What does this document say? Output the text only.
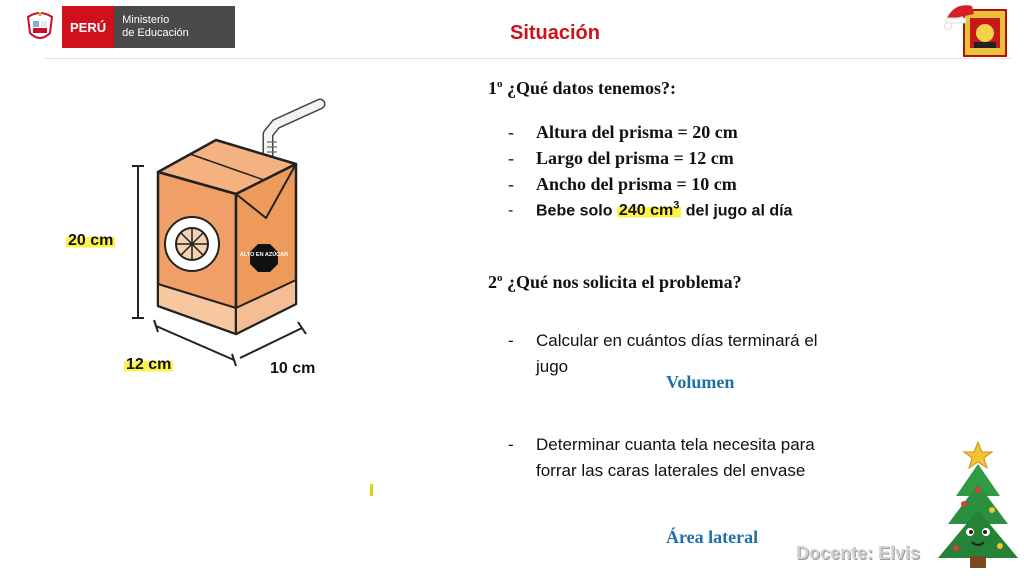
PERÚ	Ministerio
de Educación	Situación
ALTO EN AZÚCAR
20 cm
12 cm	10 cm
1$^o$ ¿Qué datos tenemos?:
- Altura del prisma = 20 cm
- Largo del prisma = 12 cm
- Ancho del prisma = 10 cm
- Bebe solo 240 $cm^3$ del jugo al día
2$^o$ ¿Qué nos solicita el problema?
- Calcular en cuántos días terminará el
jugo
Volumen
- Determinar cuanta tela necesita para
forrar las caras laterales del envase
Área lateral
Docente: Elvis
